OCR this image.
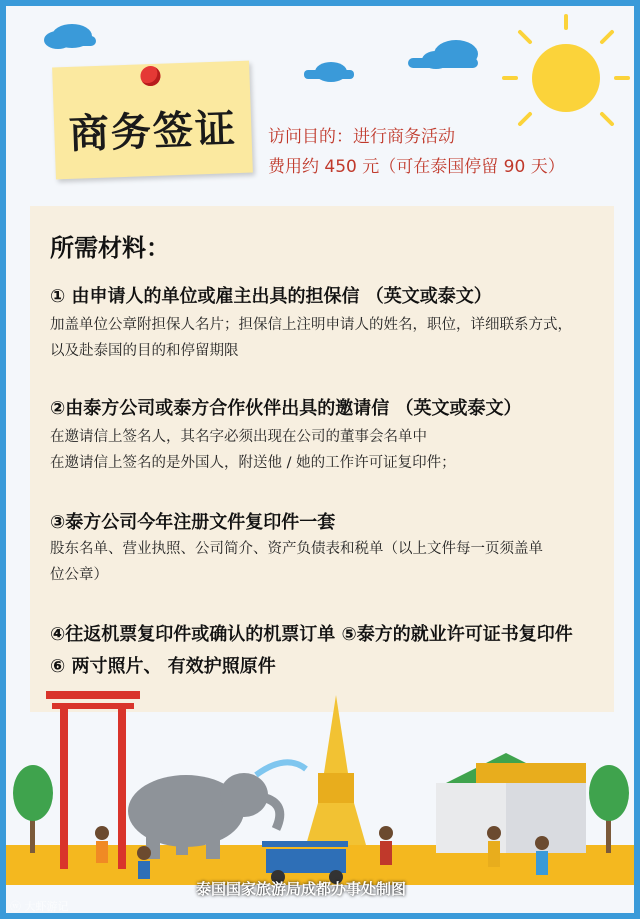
商务签证	访问目的：进行商务活动
费用约 450 元（可在泰国停留 90 天）
所需材料：
① 由申请人的单位或雇主出具的担保信 （英文或泰文）
加盖单位公章附担保人名片；担保信上注明申请人的姓名，职位，详细联系方式，
以及赴泰国的目的和停留期限
②由泰方公司或泰方合作伙伴出具的邀请信 （英文或泰文）
在邀请信上签名人，其名字必须出现在公司的董事会名单中
在邀请信上签名的是外国人，附送他 / 她的工作许可证复印件；
③泰方公司今年注册文件复印件一套
股东名单、营业执照、公司简介、资产负债表和税单（以上文件每一页须盖单
位公章）
④往返机票复印件或确认的机票订单 ⑤泰方的就业许可证书复印件
⑥ 两寸照片、 有效护照原件
泰国国家旅游局成都办事处制图
ⓦ 大虾游记
